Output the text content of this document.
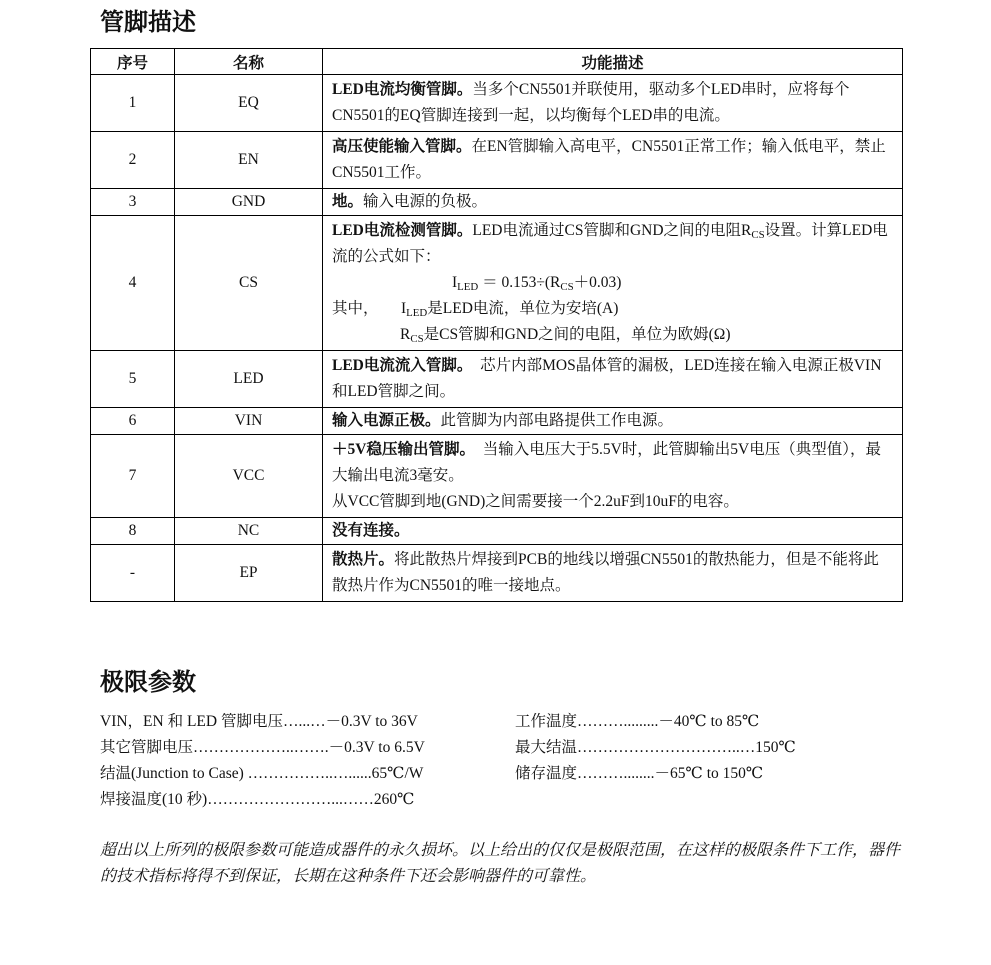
管脚描述
序号	名称	功能描述
1	EQ	LED电流均衡管脚。当多个CN5501并联使用，驱动多个LED串时，应将每个CN5501的EQ管脚连接到一起，以均衡每个LED串的电流。
2	EN	高压使能输入管脚。在EN管脚输入高电平，CN5501正常工作；输入低电平，禁止CN5501工作。
3	GND	地。输入电源的负极。
4	CS	LED电流检测管脚。LED电流通过CS管脚和GND之间的电阻$R_{CS}$设置。计算LED电流的公式如下：
$I_{LED} = 0.153\div(R_{CS}+0.03)$
其中， $I_{LED}$是LED电流，单位为安培(A)
$R_{CS}$是CS管脚和GND之间的电阻，单位为欧姆(Ω)

5	LED	LED电流流入管脚。　芯片内部MOS晶体管的漏极，LED连接在输入电源正极VIN和LED管脚之间。
6	VIN	输入电源正极。此管脚为内部电路提供工作电源。
7	VCC	＋5V稳压输出管脚。　当输入电压大于5.5V时，此管脚输出5V电压（典型值），最大输出电流3毫安。
从VCC管脚到地(GND)之间需要接一个2.2uF到10uF的电容。

8	NC	没有连接。
-	EP	散热片。将此散热片焊接到PCB的地线以增强CN5501的散热能力，但是不能将此散热片作为CN5501的唯一接地点。
极限参数
VIN，EN 和 LED 管脚电压…...…－0.3V to 36V
其它管脚电压………………..…….－0.3V to 6.5V
结温(Junction to Case) ……………..…......65℃/W
焊接温度(10 秒)……………………...……260℃
工作温度……….........－40℃ to 85℃
最大结温…………………………..…150℃
储存温度………........－65℃ to 150℃

超出以上所列的极限参数可能造成器件的永久损坏。以上给出的仅仅是极限范围，在这样的极限条件下工作，器件的技术指标将得不到保证，长期在这种条件下还会影响器件的可靠性。
